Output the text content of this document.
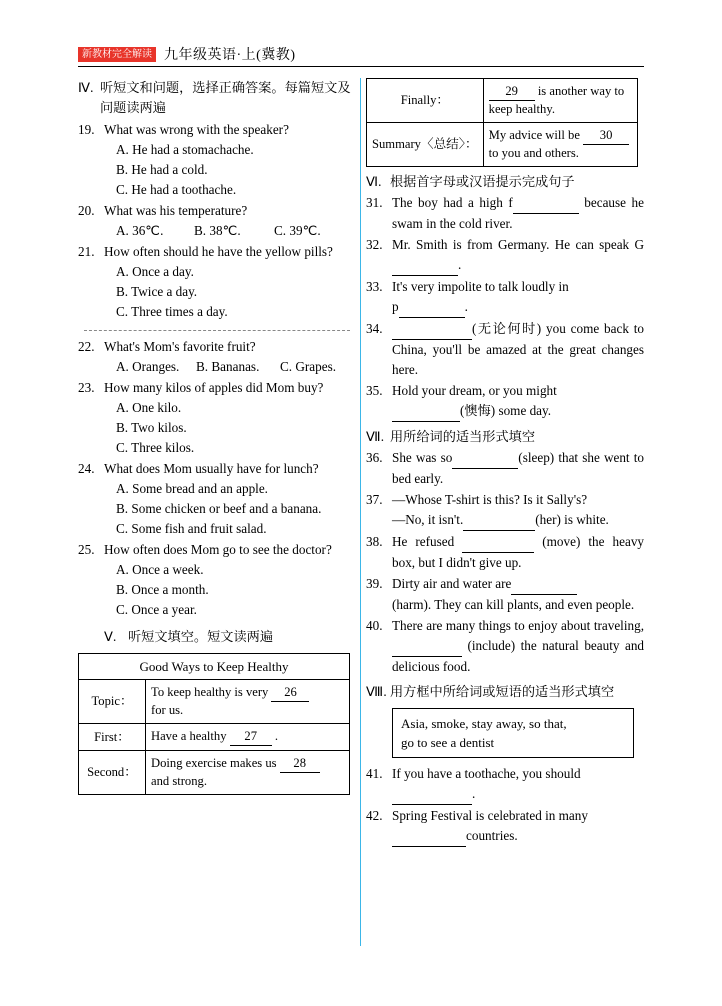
新教材完全解读 九年级英语·上(冀教)
Ⅳ. 听短文和问题，选择正确答案。每篇短文及问题读两遍
19. What was wrong with the speaker?
A. He had a stomachache.
B. He had a cold.
C. He had a toothache.
20. What was his temperature?
A. 36℃.	B. 38℃.	C. 39℃.
21. How often should he have the yellow pills?
A. Once a day.
B. Twice a day.
C. Three times a day.
22. What's Mom's favorite fruit?
A. Oranges.	B. Bananas.	C. Grapes.
23. How many kilos of apples did Mom buy?
A. One kilo.
B. Two kilos.
C. Three kilos.
24. What does Mom usually have for lunch?
A. Some bread and an apple.
B. Some chicken or beef and a banana.
C. Some fish and fruit salad.
25. How often does Mom go to see the doctor?
A. Once a week.
B. Once a month.
C. Once a year.
Ⅴ. 听短文填空。短文读两遍
Good Ways to Keep Healthy	
Topic：	To keep healthy is very 26
for us.
First：	Have a healthy 27 .
Second：	Doing exercise makes us 28
and strong.
Finally：	29 is another way to keep healthy.
Summary〈总结〉：	My advice will be 30 to you and others.
Ⅵ. 根据首字母或汉语提示完成句子
31. The boy had a high f	because he swam in the cold river.
32. Mr. Smith is from Germany. He can speak G .
33. It's very impolite to talk loudly in
p	.
34.	(无论何时) you come back to China, you'll be amazed at the great changes here.
35. Hold your dream, or you might
(懊悔) some day.
Ⅶ. 用所给词的适当形式填空
36. She was so	(sleep) that she went to bed early.
37. —Whose T-shirt is this? Is it Sally's?
—No, it isn't.	(her) is white.
38. He refused	(move) the heavy box, but I didn't give up.
39. Dirty air and water are
(harm). They can kill plants, and even people.
40. There are many things to enjoy about traveling,   (include) the natural beauty and delicious food.
Ⅷ. 用方框中所给词或短语的适当形式填空
Asia, smoke, stay away, so that,
go to see a dentist
41. If you have a toothache, you should
.
42. Spring Festival is celebrated in many
countries.
